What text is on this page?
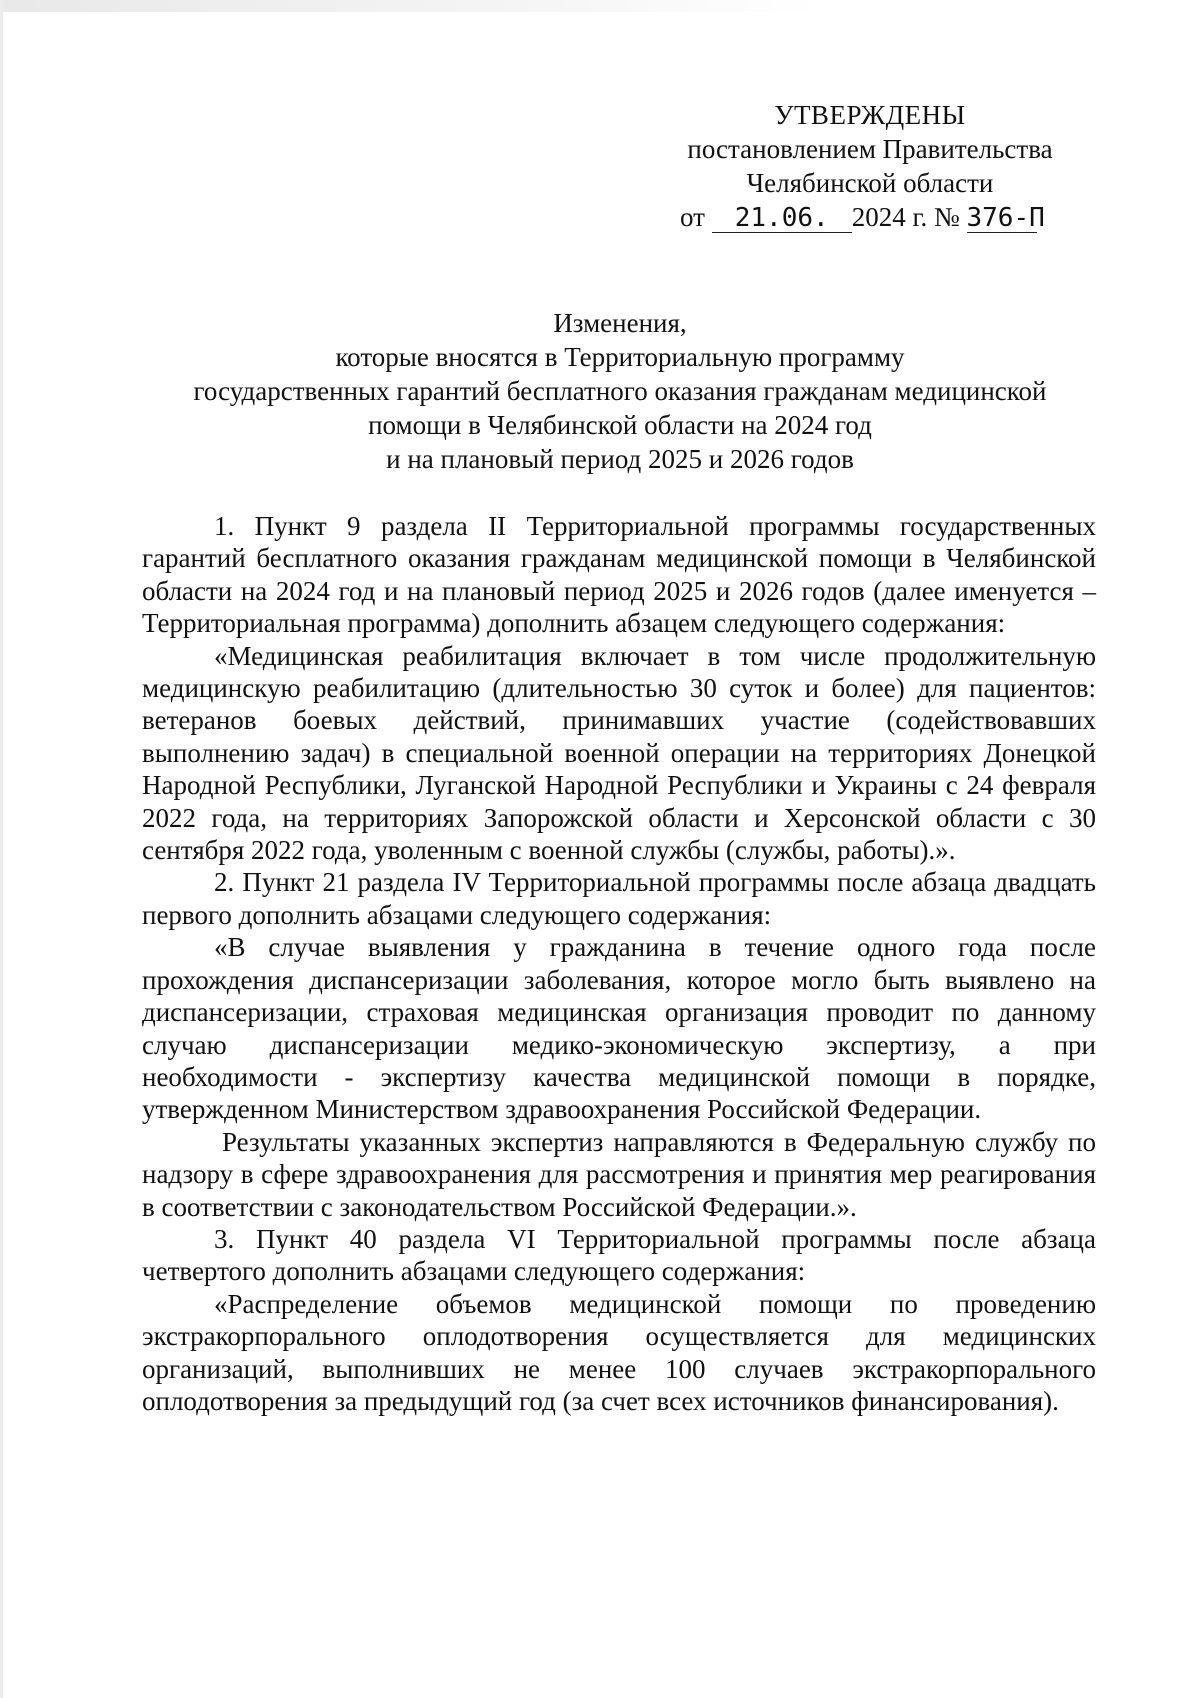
УТВЕРЖДЕНЫ
постановлением Правительства
Челябинской области
от 21.06. 2024 г. № 376-П
Изменения,
которые вносятся в Территориальную программу
государственных гарантий бесплатного оказания гражданам медицинской
помощи в Челябинской области на 2024 год
и на плановый период 2025 и 2026 годов

1. Пункт 9 раздела II Территориальной программы государственных гарантий бесплатного оказания гражданам медицинской помощи в Челябинской области на 2024 год и на плановый период 2025 и 2026 годов (далее именуется – Территориальная программа) дополнить абзацем следующего содержания:

«Медицинская реабилитация включает в том числе продолжительную медицинскую реабилитацию (длительностью 30 суток и более) для пациентов: ветеранов боевых действий, принимавших участие (содействовавших выполнению задач) в специальной военной операции на территориях Донецкой Народной Республики, Луганской Народной Республики и Украины с 24 февраля 2022 года, на территориях Запорожской области и Херсонской области с 30 сентября 2022 года, уволенным с военной службы (службы, работы).».

2. Пункт 21 раздела IV Территориальной программы после абзаца двадцать первого дополнить абзацами следующего содержания:

«В случае выявления у гражданина в течение одного года после прохождения диспансеризации заболевания, которое могло быть выявлено на диспансеризации, страховая медицинская организация проводит по данному случаю диспансеризации медико-экономическую экспертизу, а при необходимости - экспертизу качества медицинской помощи в порядке, утвержденном Министерством здравоохранения Российской Федерации.

Результаты указанных экспертиз направляются в Федеральную службу по надзору в сфере здравоохранения для рассмотрения и принятия мер реагирования в соответствии с законодательством Российской Федерации.».

3. Пункт 40 раздела VI Территориальной программы после абзаца четвертого дополнить абзацами следующего содержания:

«Распределение объемов медицинской помощи по проведению экстракорпорального оплодотворения осуществляется для медицинских организаций, выполнивших не менее 100 случаев экстракорпорального оплодотворения за предыдущий год (за счет всех источников финансирования).
